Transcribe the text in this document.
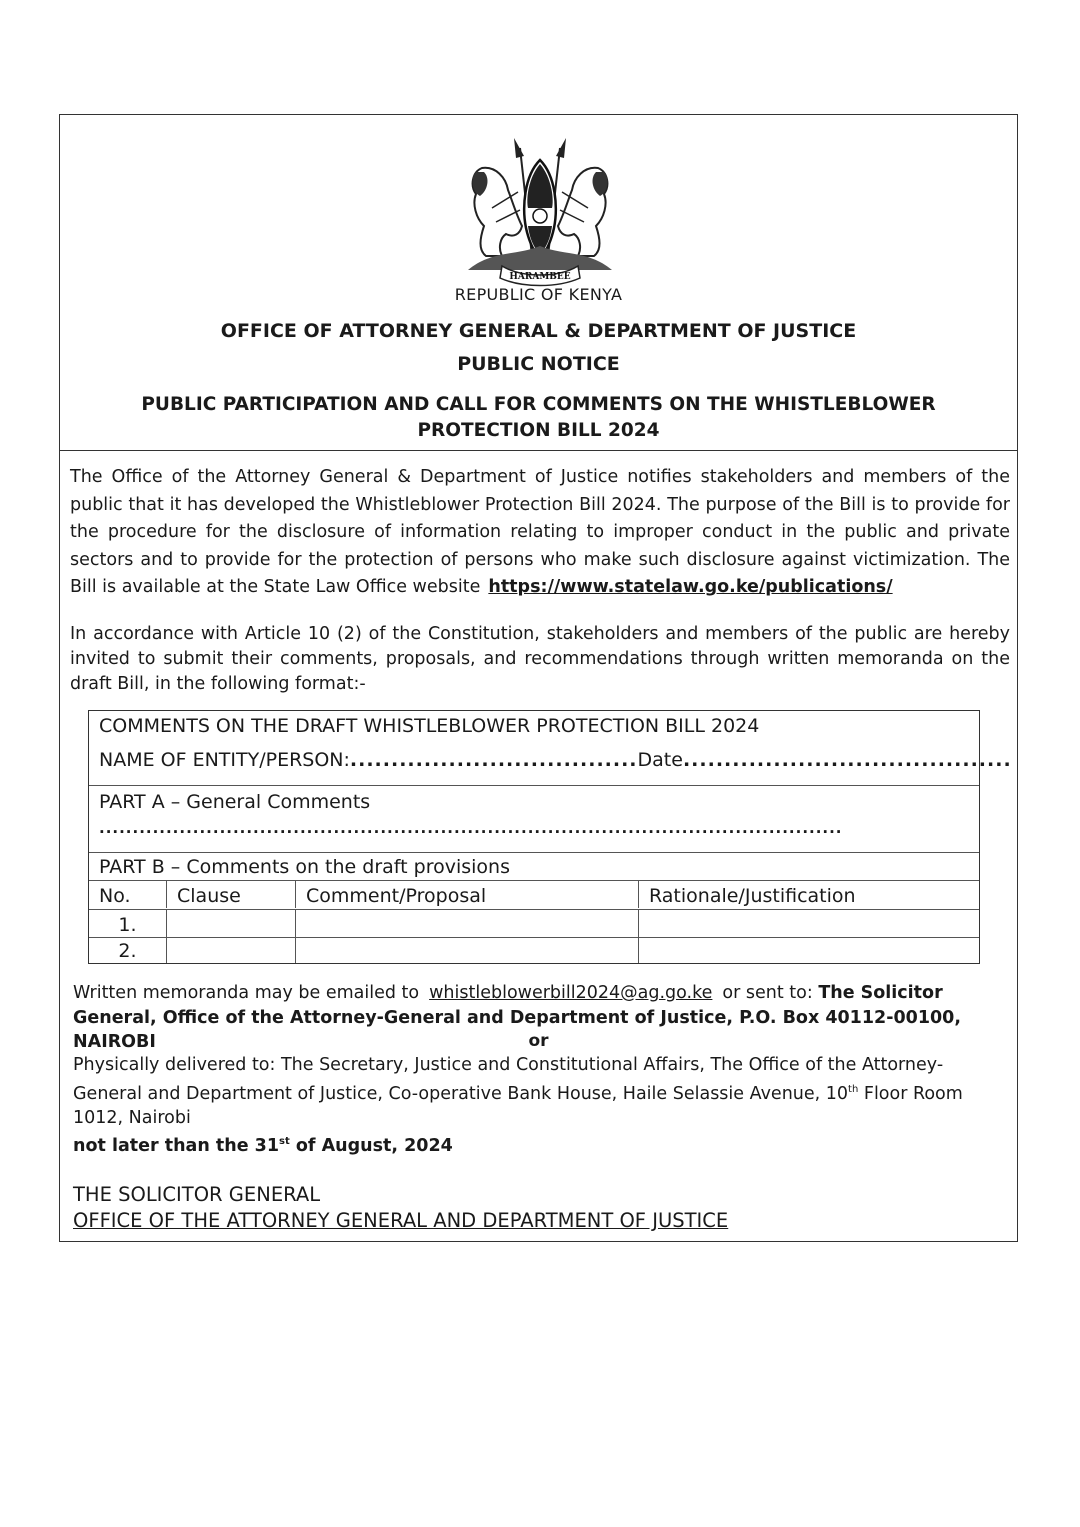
HARAMBEE
REPUBLIC OF KENYA
OFFICE OF ATTORNEY GENERAL & DEPARTMENT OF JUSTICE
PUBLIC NOTICE
PUBLIC PARTICIPATION AND CALL FOR COMMENTS ON THE WHISTLEBLOWER PROTECTION BILL 2024

The Office of the Attorney General & Department of Justice notifies stakeholders and members of the public that it has developed the Whistleblower Protection Bill 2024. The purpose of the Bill is to provide for the procedure for the disclosure of information relating to improper conduct in the public and private sectors and to provide for the protection of persons who make such disclosure against victimization. The Bill is available at the State Law Office website https://www.statelaw.go.ke/publications/

In accordance with Article 10 (2) of the Constitution, stakeholders and members of the public are hereby invited to submit their comments, proposals, and recommendations through written memoranda on the draft Bill, in the following format:-

COMMENTS ON THE DRAFT WHISTLEBLOWER PROTECTION BILL 2024
NAME OF ENTITY/PERSON:...................................Date........................................
PART A – General Comments
...............................................................................................................
PART B – Comments on the draft provisions
No.	Clause	Comment/Proposal	Rationale/Justification
1.
2.

Written memoranda may be emailed to whistleblowerbill2024@ag.go.ke or sent to: The Solicitor General, Office of the Attorney-General and Department of Justice, P.O. Box 40112-00100, NAIROBI	or

Physically delivered to: The Secretary, Justice and Constitutional Affairs, The Office of the Attorney-General and Department of Justice, Co-operative Bank House, Haile Selassie Avenue, 10th Floor Room 1012, Nairobi
not later than the 31st of August, 2024

THE SOLICITOR GENERAL
OFFICE OF THE ATTORNEY GENERAL AND DEPARTMENT OF JUSTICE
